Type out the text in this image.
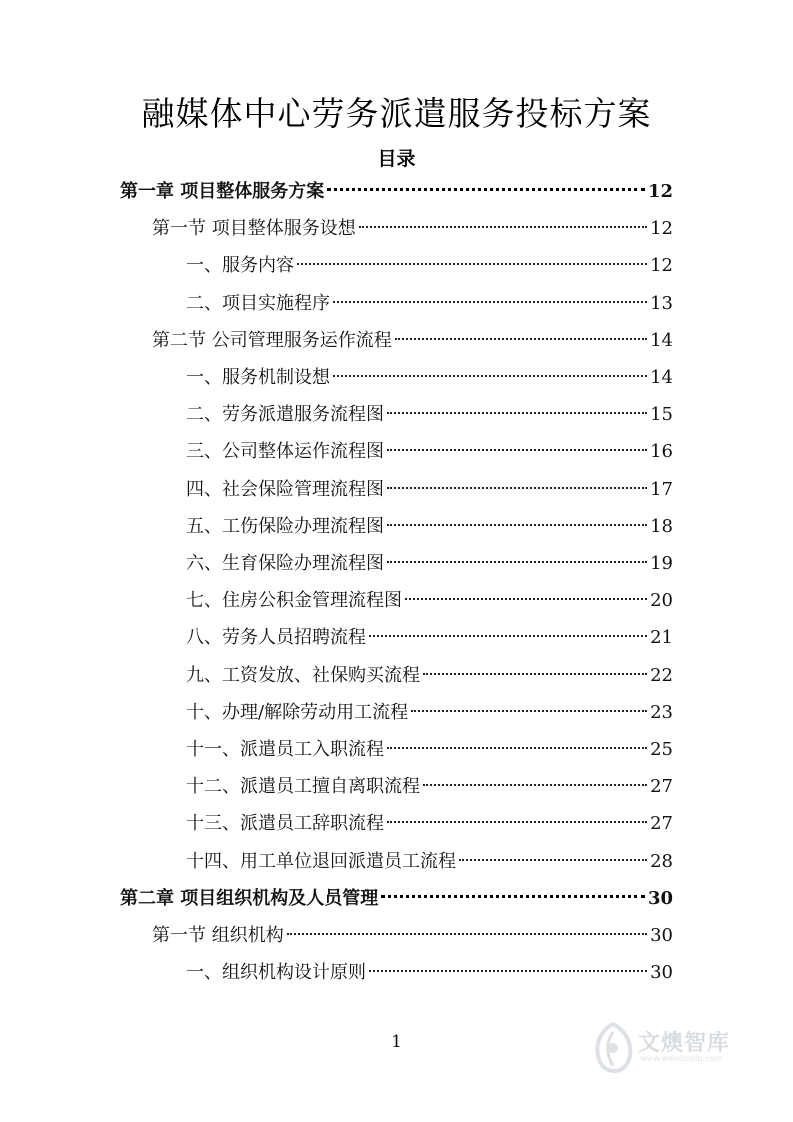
融媒体中心劳务派遣服务投标方案
目录
第一章 项目整体服务方案	12
第一节 项目整体服务设想	12
一、服务内容	12
二、项目实施程序	13
第二节 公司管理服务运作流程	14
一、服务机制设想	14
二、劳务派遣服务流程图	15
三、公司整体运作流程图	16
四、社会保险管理流程图	17
五、工伤保险办理流程图	18
六、生育保险办理流程图	19
七、住房公积金管理流程图	20
八、劳务人员招聘流程	21
九、工资发放、社保购买流程	22
十、办理/解除劳动用工流程	23
十一、派遣员工入职流程	25
十二、派遣员工擅自离职流程	27
十三、派遣员工辞职流程	27
十四、用工单位退回派遣员工流程	28
第二章 项目组织机构及人员管理	30
第一节 组织机构	30
一、组织机构设计原则	30
1	文燠智库
www.wenduolib.com
